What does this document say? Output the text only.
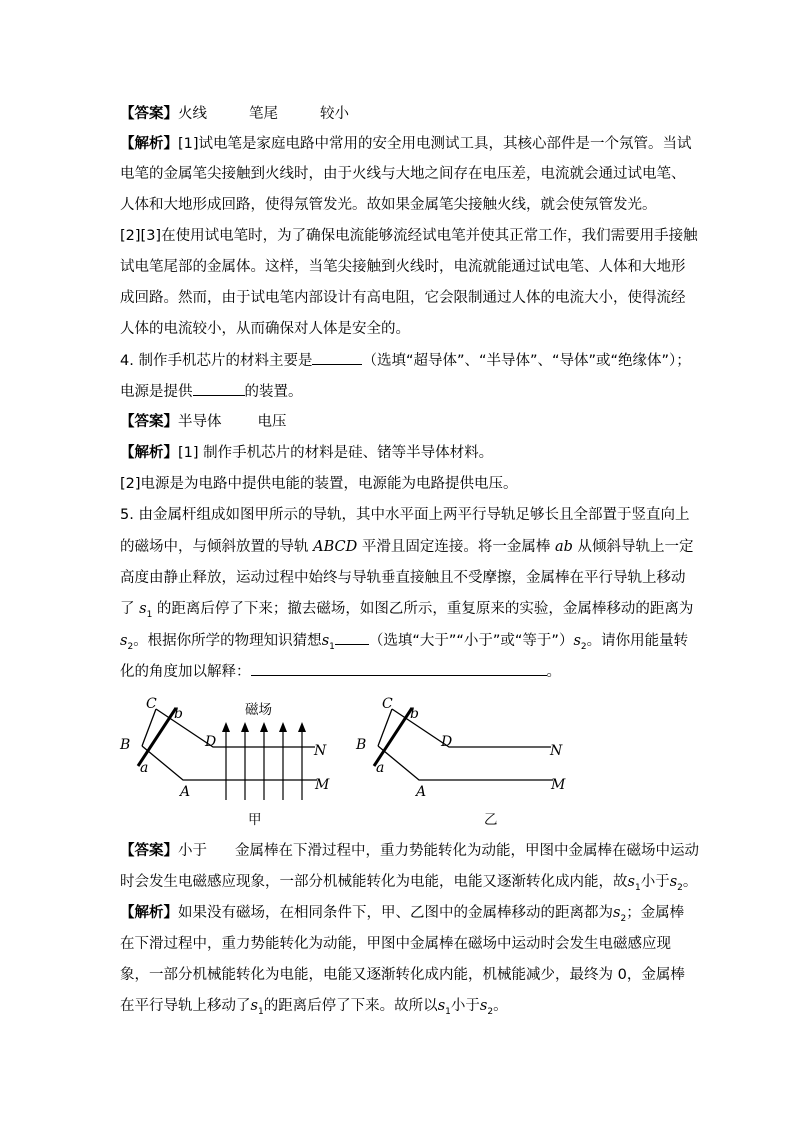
【答案】火线	笔尾	较小
【解析】[1]试电笔是家庭电路中常用的安全用电测试工具，其核心部件是一个氖管。当试
电笔的金属笔尖接触到火线时，由于火线与大地之间存在电压差，电流就会通过试电笔、
人体和大地形成回路，使得氖管发光。故如果金属笔尖接触火线，就会使氖管发光。
[2][3]在使用试电笔时，为了确保电流能够流经试电笔并使其正常工作，我们需要用手接触
试电笔尾部的金属体。这样，当笔尖接触到火线时，电流就能通过试电笔、人体和大地形
成回路。然而，由于试电笔内部设计有高电阻，它会限制通过人体的电流大小，使得流经
人体的电流较小，从而确保对人体是安全的。
4. 制作手机芯片的材料主要是	（选填“超导体”、“半导体”、“导体”或“绝缘体”）；
电源是提供	的装置。
【答案】半导体 电压
【解析】[1] 制作手机芯片的材料是硅、锗等半导体材料。
[2]电源是为电路中提供电能的装置，电源能为电路提供电压。
5. 由金属杆组成如图甲所示的导轨，其中水平面上两平行导轨足够长且全部置于竖直向上
的磁场中，与倾斜放置的导轨 ABCD 平滑且固定连接。将一金属棒 ab 从倾斜导轨上一定
高度由静止释放，运动过程中始终与导轨垂直接触且不受摩擦，金属棒在平行导轨上移动
了 $s_1$ 的距离后停了下来；撤去磁场，如图乙所示，重复原来的实验，金属棒移动的距离为
$s_2$。根据你所学的物理知识猜想$s_1$ （选填“大于”“小于”或“等于$”)s_2$。请你用能量转
化的角度加以解释：	。
磁场
C
b
B
a
D
N
A	M
甲
C
b
B
a
D
N
A	M
乙
【答案】小于 金属棒在下滑过程中，重力势能转化为动能，甲图中金属棒在磁场中运动
时会发生电磁感应现象，一部分机械能转化为电能，电能又逐渐转化成内能，故$s_1$小于$s_2$。
【解析】如果没有磁场，在相同条件下，甲、乙图中的金属棒移动的距离都为$s_2$；金属棒
在下滑过程中，重力势能转化为动能，甲图中金属棒在磁场中运动时会发生电磁感应现
象，一部分机械能转化为电能，电能又逐渐转化成内能，机械能减少，最终为 0，金属棒
在平行导轨上移动了$s_1$的距离后停了下来。故所以$s_1$小于$s_2$。
